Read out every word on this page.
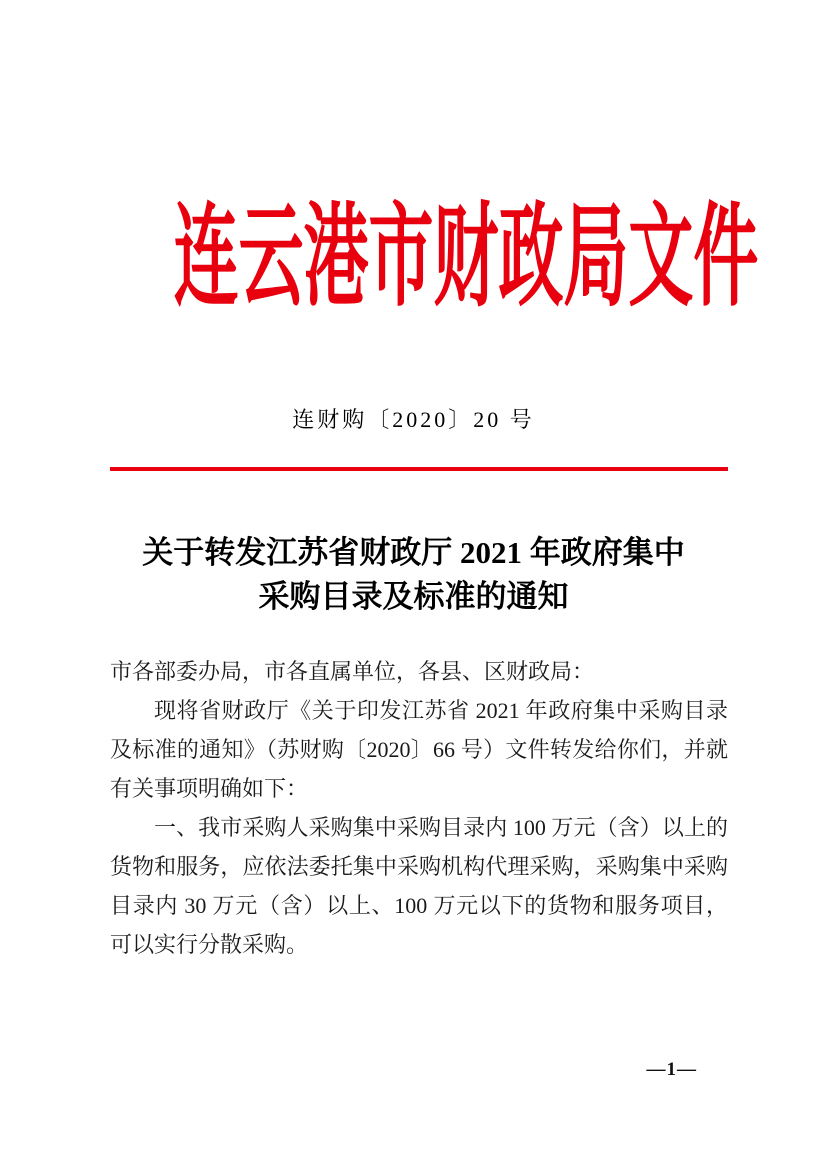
连云港市财政局文件
连财购〔2020〕20 号
关于转发江苏省财政厅 2021 年政府集中
采购目录及标准的通知

市各部委办局，市各直属单位，各县、区财政局：

现将省财政厅《关于印发江苏省 2021 年政府集中采购目录及标准的通知》（苏财购〔2020〕66 号）文件转发给你们，并就有关事项明确如下：

一、我市采购人采购集中采购目录内 100 万元（含）以上的货物和服务，应依法委托集中采购机构代理采购，采购集中采购目录内 30 万元（含）以上、100 万元以下的货物和服务项目，可以实行分散采购。

—1—
